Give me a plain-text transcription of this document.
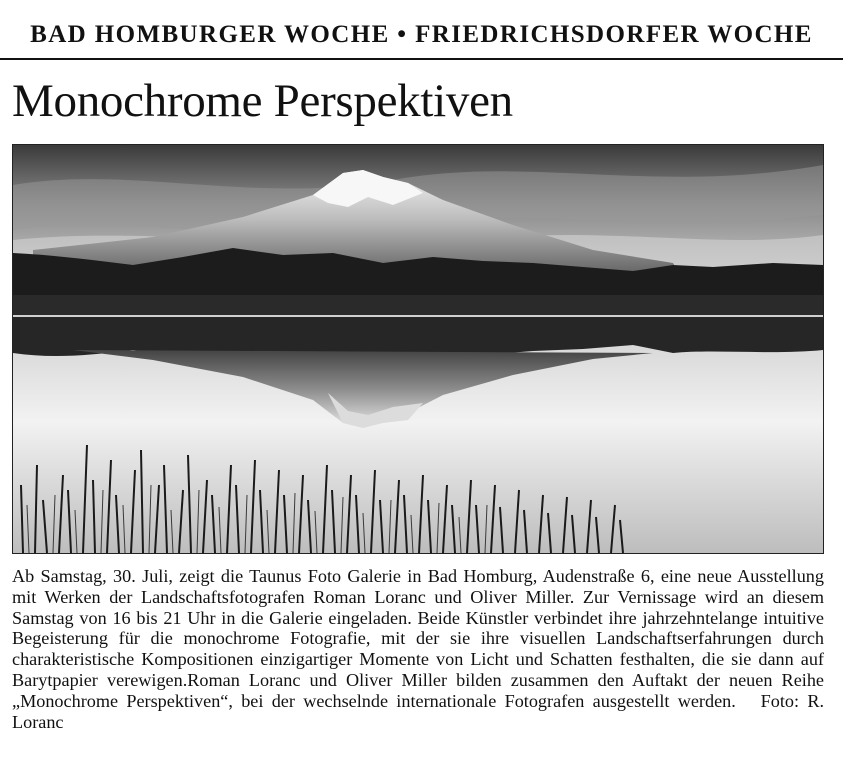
BAD HOMBURGER WOCHE • FRIEDRICHSDORFER WOCHE
Monochrome Perspektiven

Ab Samstag, 30. Juli, zeigt die Taunus Foto Galerie in Bad Homburg, Audenstraße 6, eine neue Ausstellung mit Werken der Landschaftsfotografen Roman Loranc und Oliver Miller. Zur Vernissage wird an diesem Samstag von 16 bis 21 Uhr in die Galerie eingeladen. Beide Künstler verbindet ihre jahrzehntelange intuitive Begeisterung für die monochrome Fotografie, mit der sie ihre visuellen Landschaftserfahrungen durch charakteristische Kompositionen einzigartiger Momente von Licht und Schatten festhalten, die sie dann auf Barytpapier verewigen.Roman Loranc und Oliver Miller bilden zusammen den Auftakt der neuen Reihe „Monochrome Perspektiven“, bei der wechselnde internationale Fotografen ausgestellt werden. Foto: R. Loranc
